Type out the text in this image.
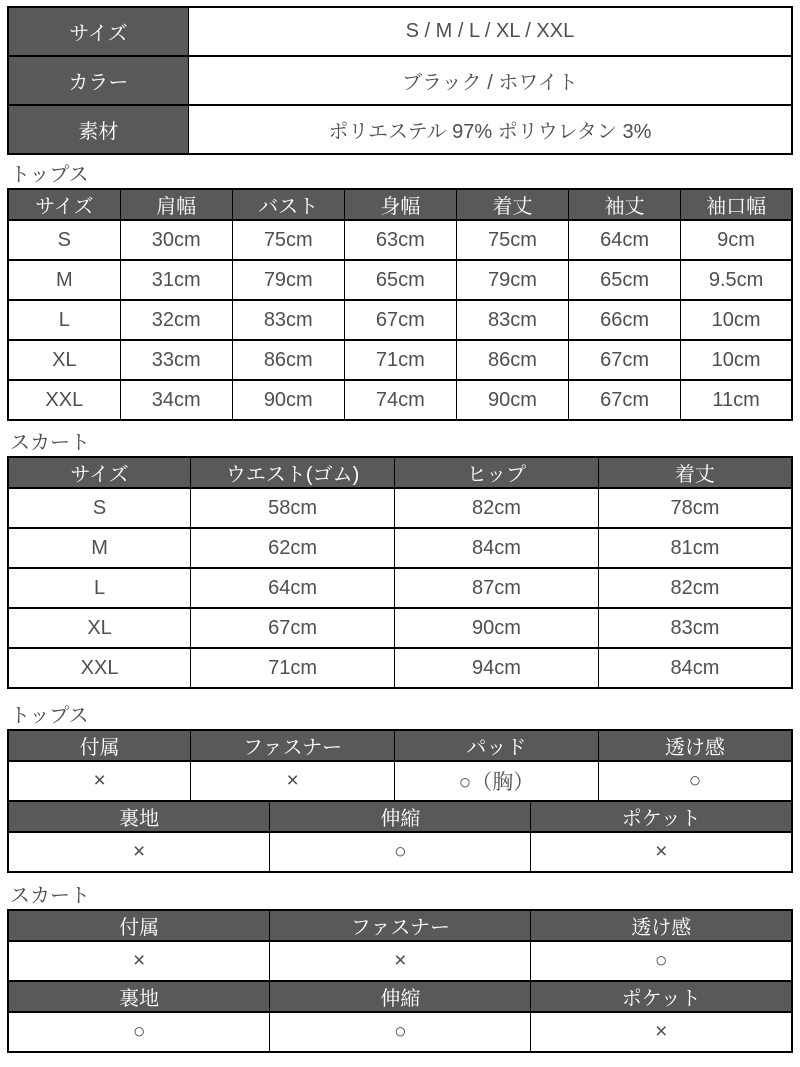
サイズ	S / M / L / XL / XXL
カラー	ブラック / ホワイト
素材	ポリエステル 97% ポリウレタン 3%
トップス
サイズ	肩幅	バスト	身幅	着丈	袖丈	袖口幅
S	30cm	75cm	63cm	75cm	64cm	9cm
M	31cm	79cm	65cm	79cm	65cm	9.5cm
L	32cm	83cm	67cm	83cm	66cm	10cm
XL	33cm	86cm	71cm	86cm	67cm	10cm
XXL	34cm	90cm	74cm	90cm	67cm	11cm
スカート
サイズ	ウエスト(ゴム)	ヒップ	着丈
S	58cm	82cm	78cm
M	62cm	84cm	81cm
L	64cm	87cm	82cm
XL	67cm	90cm	83cm
XXL	71cm	94cm	84cm
トップス
付属	ファスナー	パッド	透け感
×	×	○（胸）	○
裏地	伸縮	ポケット
×	○	×
スカート
付属	ファスナー	透け感
×	×	○
裏地	伸縮	ポケット
○	○	×
